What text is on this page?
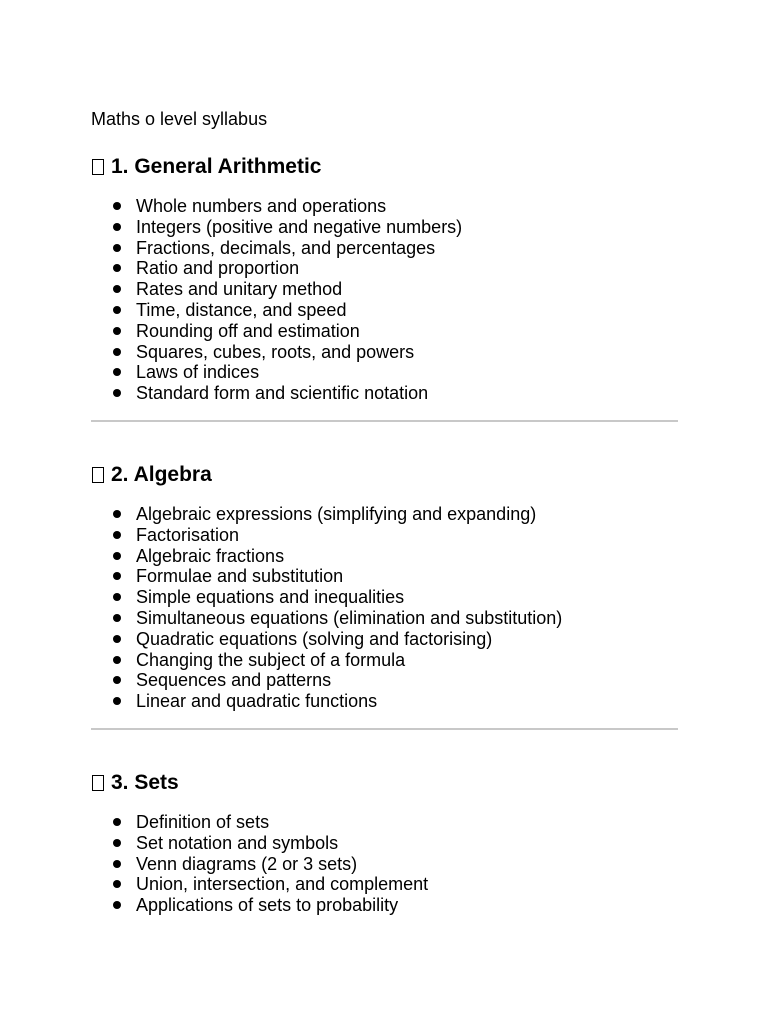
Maths o level syllabus

1. General Arithmetic
Whole numbers and operations
Integers (positive and negative numbers)
Fractions, decimals, and percentages
Ratio and proportion
Rates and unitary method
Time, distance, and speed
Rounding off and estimation
Squares, cubes, roots, and powers
Laws of indices
Standard form and scientific notation
2. Algebra
Algebraic expressions (simplifying and expanding)
Factorisation
Algebraic fractions
Formulae and substitution
Simple equations and inequalities
Simultaneous equations (elimination and substitution)
Quadratic equations (solving and factorising)
Changing the subject of a formula
Sequences and patterns
Linear and quadratic functions
3. Sets
Definition of sets
Set notation and symbols
Venn diagrams (2 or 3 sets)
Union, intersection, and complement
Applications of sets to probability
